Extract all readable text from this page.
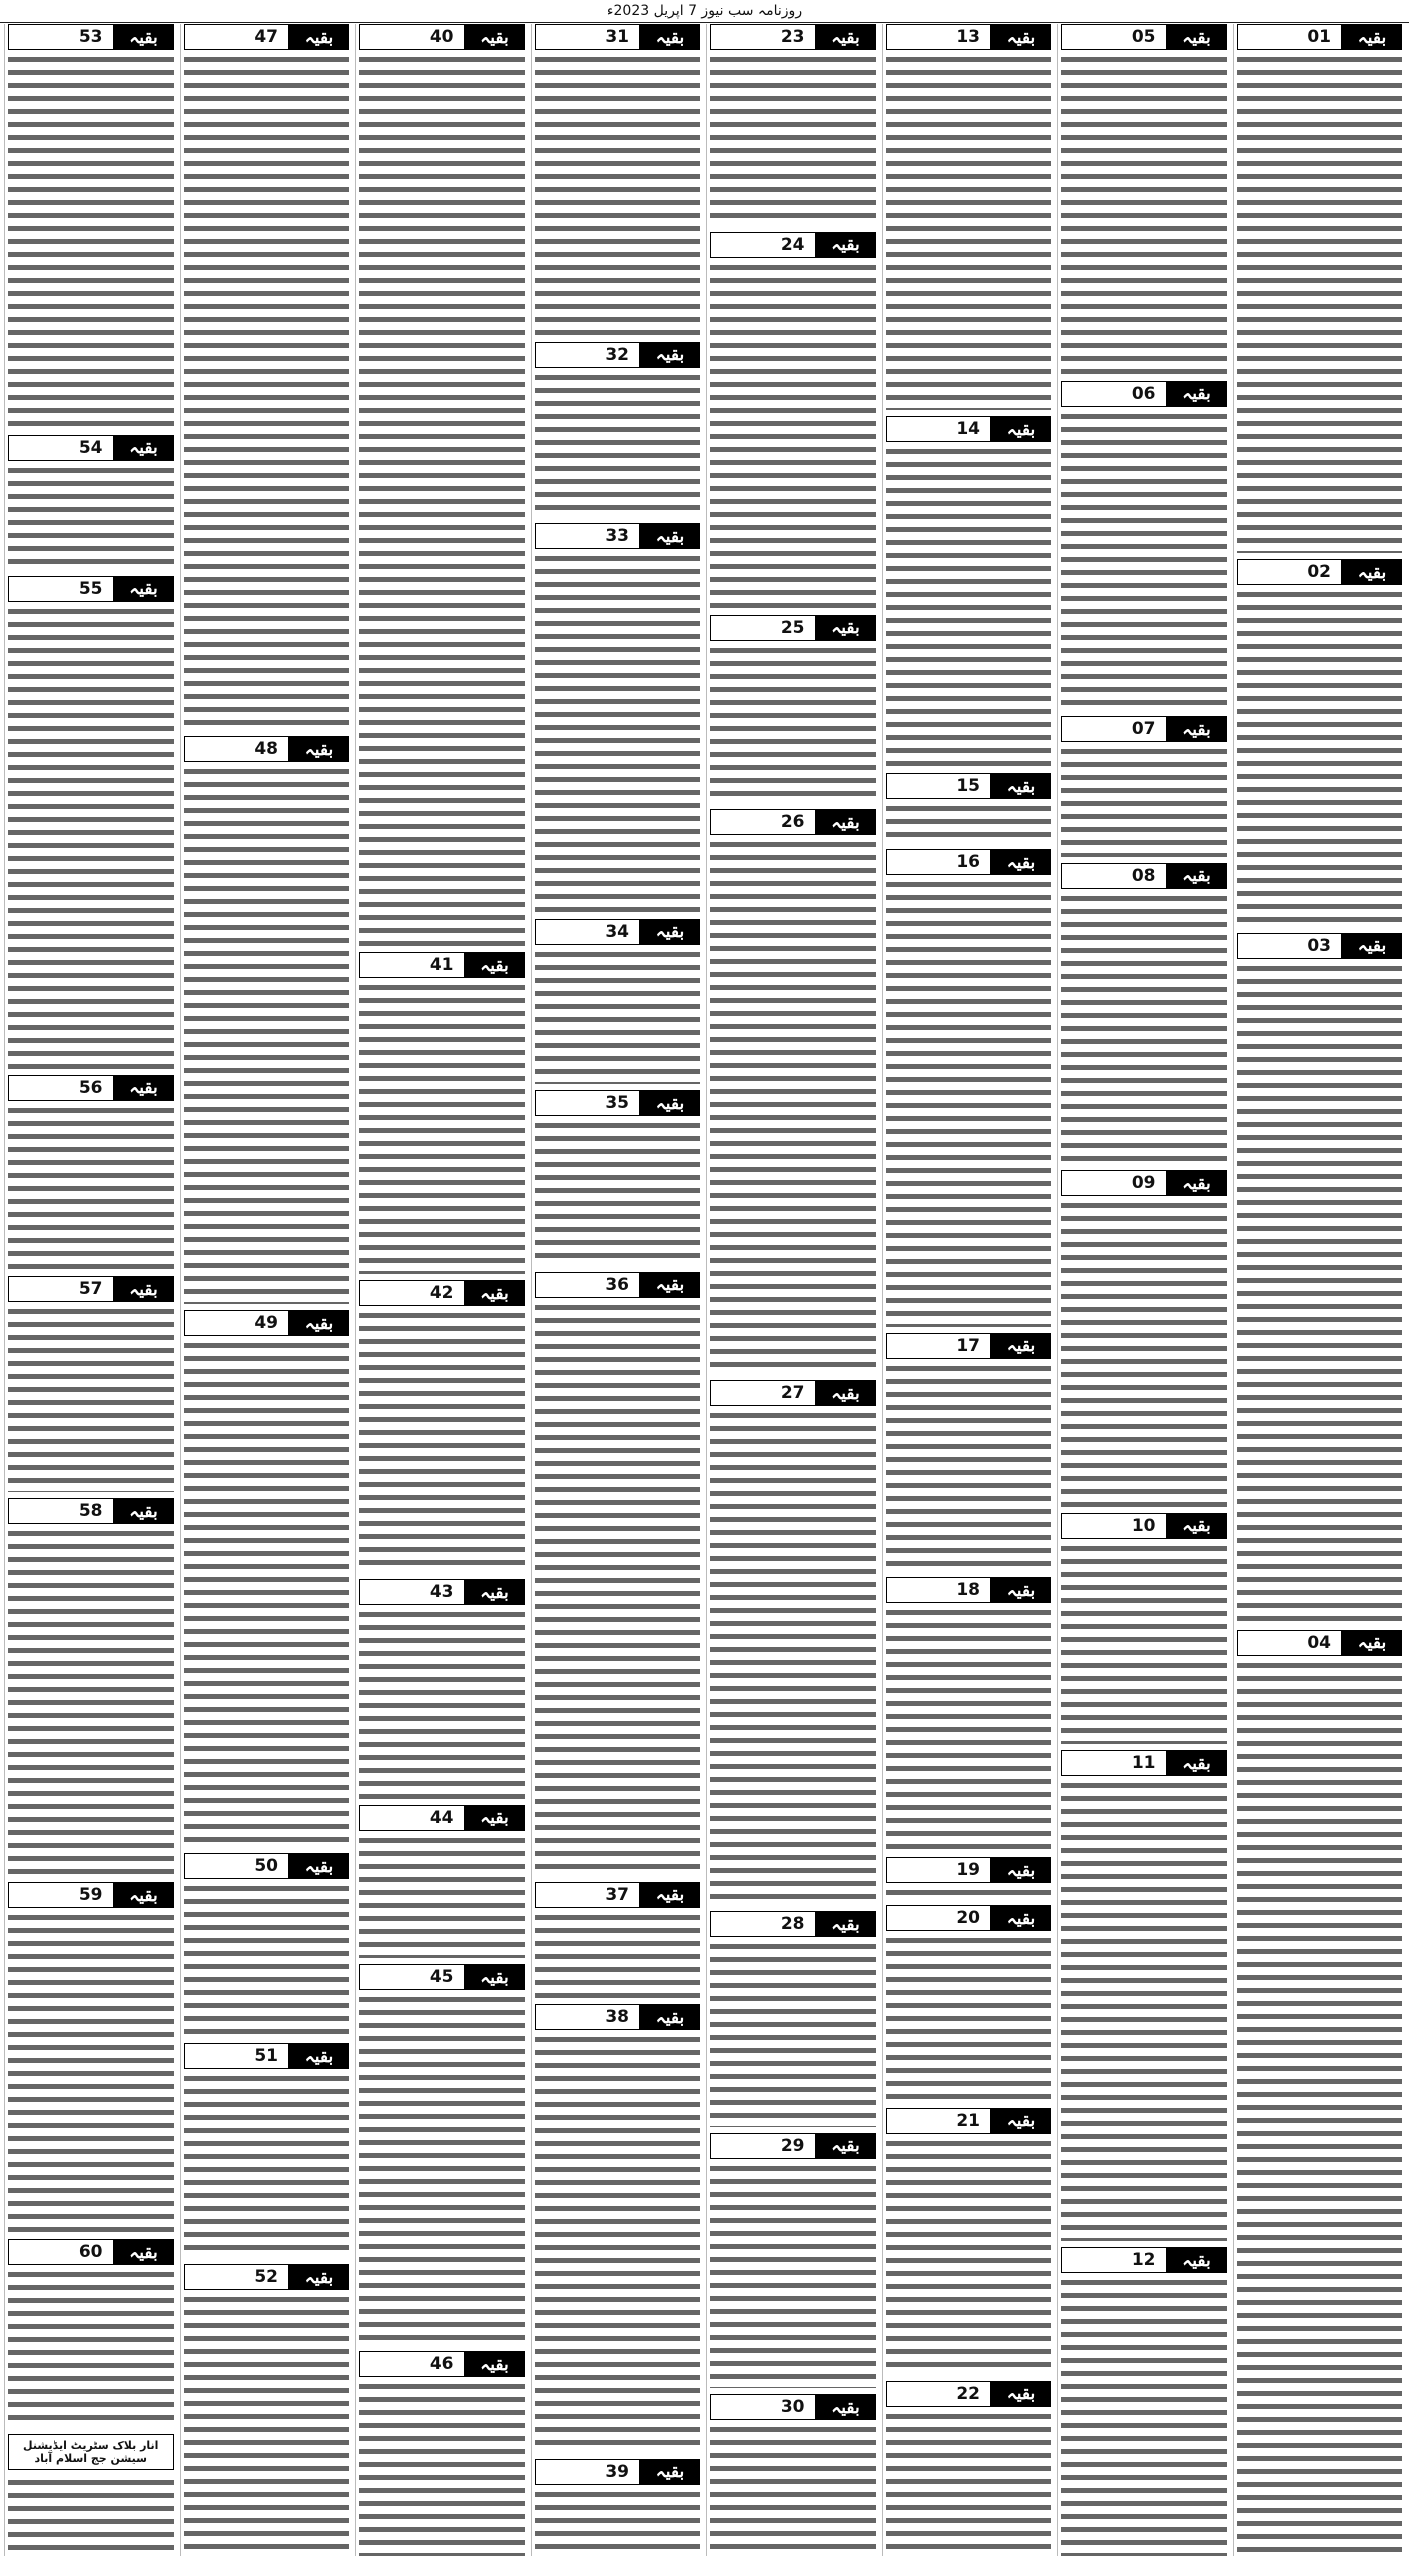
روزنامہ سب نیوز 7 اپریل 2023ء
بقیہ
01
بقیہ
02
بقیہ
03
بقیہ
04
بقیہ
05
بقیہ
06
بقیہ
07
بقیہ
08
بقیہ
09
بقیہ
10
بقیہ
11
بقیہ
12
بقیہ
13
بقیہ
14
بقیہ
15
بقیہ
16
بقیہ
17
بقیہ
18
بقیہ
19
بقیہ
20
بقیہ
21
بقیہ
22
بقیہ
23
بقیہ
24
بقیہ
25
بقیہ
26
بقیہ
27
بقیہ
28
بقیہ
29
بقیہ
30
بقیہ
31
بقیہ
32
بقیہ
33
بقیہ
34
بقیہ
35
بقیہ
36
بقیہ
37
بقیہ
38
بقیہ
39
بقیہ
40
بقیہ
41
بقیہ
42
بقیہ
43
بقیہ
44
بقیہ
45
بقیہ
46
بقیہ
47
بقیہ
48
بقیہ
49
بقیہ
50
بقیہ
51
بقیہ
52
بقیہ
53
بقیہ
54
بقیہ
55
بقیہ
56
بقیہ
57
بقیہ
58
بقیہ
59
بقیہ
60
انار بلاک سٹریٹ ایڈیشنل سیشن جج اسلام آباد
